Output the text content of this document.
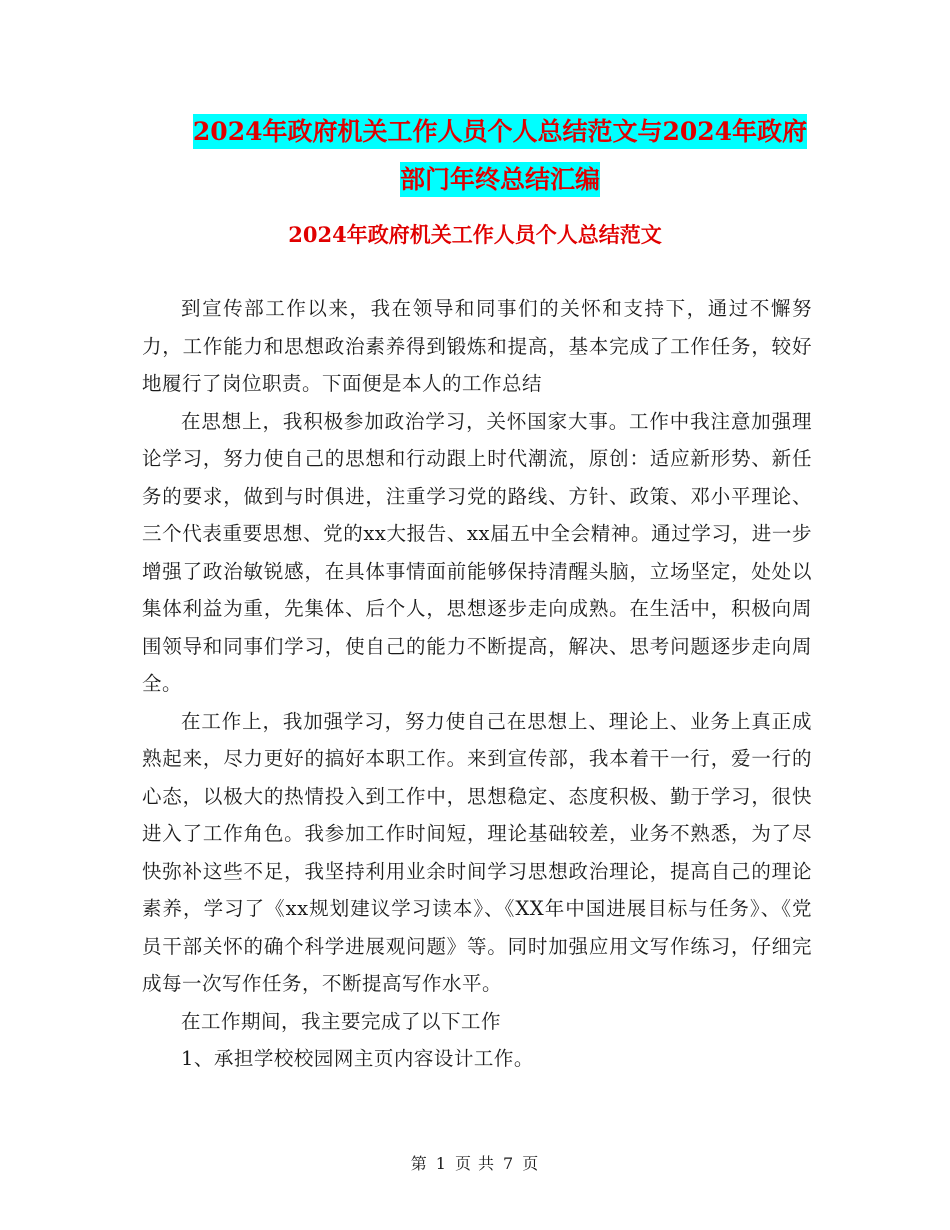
2024年政府机关工作人员个人总结范文与2024年政府
部门年终总结汇编
2024年政府机关工作人员个人总结范文

到宣传部工作以来，我在领导和同事们的关怀和支持下，通过不懈努力，工作能力和思想政治素养得到锻炼和提高，基本完成了工作任务，较好地履行了岗位职责。下面便是本人的工作总结

在思想上，我积极参加政治学习，关怀国家大事。工作中我注意加强理论学习，努力使自己的思想和行动跟上时代潮流，原创：适应新形势、新任务的要求，做到与时俱进，注重学习党的路线、方针、政策、邓小平理论、三个代表重要思想、党的xx大报告、xx届五中全会精神。通过学习，进一步增强了政治敏锐感，在具体事情面前能够保持清醒头脑，立场坚定，处处以集体利益为重，先集体、后个人，思想逐步走向成熟。在生活中，积极向周围领导和同事们学习，使自己的能力不断提高，解决、思考问题逐步走向周全。

在工作上，我加强学习，努力使自己在思想上、理论上、业务上真正成熟起来，尽力更好的搞好本职工作。来到宣传部，我本着干一行，爱一行的心态，以极大的热情投入到工作中，思想稳定、态度积极、勤于学习，很快进入了工作角色。我参加工作时间短，理论基础较差，业务不熟悉，为了尽快弥补这些不足，我坚持利用业余时间学习思想政治理论，提高自己的理论素养，学习了《xx规划建议学习读本》、《XX年中国进展目标与任务》、《党员干部关怀的确个科学进展观问题》等。同时加强应用文写作练习，仔细完成每一次写作任务，不断提高写作水平。

在工作期间，我主要完成了以下工作

1、承担学校校园网主页内容设计工作。

第 1 页 共 7 页
